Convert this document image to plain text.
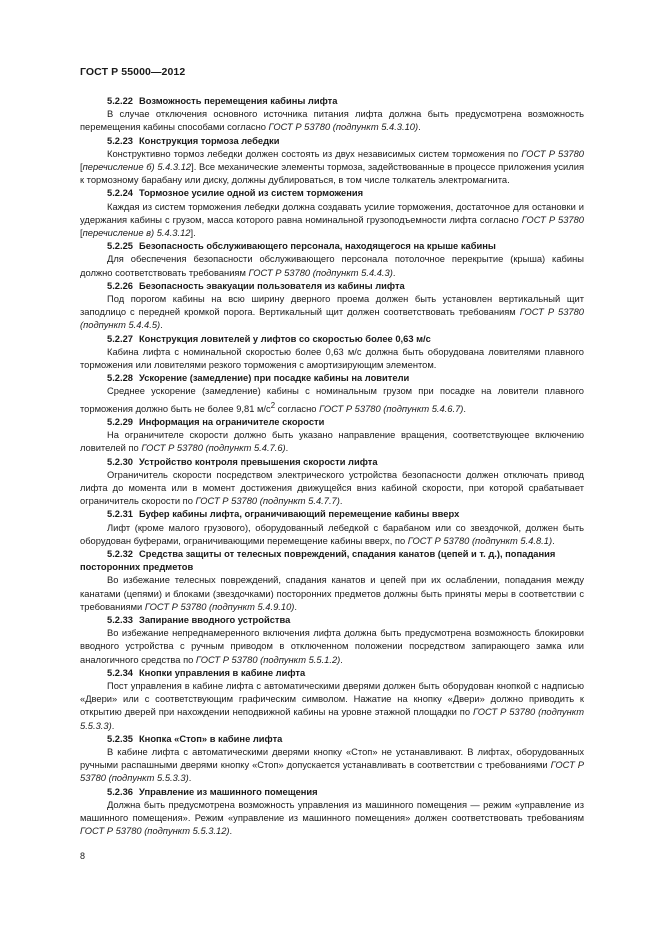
ГОСТ Р 55000—2012

5.2.22 Возможность перемещения кабины лифта

В случае отключения основного источника питания лифта должна быть предусмотрена возможность перемещения кабины способами согласно ГОСТ Р 53780 (подпункт 5.4.3.10).

5.2.23 Конструкция тормоза лебедки

Конструктивно тормоз лебедки должен состоять из двух независимых систем торможения по ГОСТ Р 53780 [перечисление б) 5.4.3.12]. Все механические элементы тормоза, задействованные в процессе приложения усилия к тормозному барабану или диску, должны дублироваться, в том числе толкатель электромагнита.

5.2.24 Тормозное усилие одной из систем торможения

Каждая из систем торможения лебедки должна создавать усилие торможения, достаточное для остановки и удержания кабины с грузом, масса которого равна номинальной грузоподъемности лифта согласно ГОСТ Р 53780 [перечисление в) 5.4.3.12].

5.2.25 Безопасность обслуживающего персонала, находящегося на крыше кабины

Для обеспечения безопасности обслуживающего персонала потолочное перекрытие (крыша) кабины должно соответствовать требованиям ГОСТ Р 53780 (подпункт 5.4.4.3).

5.2.26 Безопасность эвакуации пользователя из кабины лифта

Под порогом кабины на всю ширину дверного проема должен быть установлен вертикальный щит заподлицо с передней кромкой порога. Вертикальный щит должен соответствовать требованиям ГОСТ Р 53780 (подпункт 5.4.4.5).

5.2.27 Конструкция ловителей у лифтов со скоростью более 0,63 м/с

Кабина лифта с номинальной скоростью более 0,63 м/с должна быть оборудована ловителями плавного торможения или ловителями резкого торможения с амортизирующим элементом.

5.2.28 Ускорение (замедление) при посадке кабины на ловители

Среднее ускорение (замедление) кабины с номинальным грузом при посадке на ловители плавного торможения должно быть не более 9,81 $м/с^2$ согласно ГОСТ Р 53780 (подпункт 5.4.6.7).

5.2.29 Информация на ограничителе скорости

На ограничителе скорости должно быть указано направление вращения, соответствующее включению ловителей по ГОСТ Р 53780 (подпункт 5.4.7.6).

5.2.30 Устройство контроля превышения скорости лифта

Ограничитель скорости посредством электрического устройства безопасности должен отключать привод лифта до момента или в момент достижения движущейся вниз кабиной скорости, при которой срабатывает ограничитель скорости по ГОСТ Р 53780 (подпункт 5.4.7.7).

5.2.31 Буфер кабины лифта, ограничивающий перемещение кабины вверх

Лифт (кроме малого грузового), оборудованный лебедкой с барабаном или со звездочкой, должен быть оборудован буферами, ограничивающими перемещение кабины вверх, по ГОСТ Р 53780 (подпункт 5.4.8.1).

5.2.32 Средства защиты от телесных повреждений, спадания канатов (цепей и т. д.), попадания посторонних предметов

Во избежание телесных повреждений, спадания канатов и цепей при их ослаблении, попадания между канатами (цепями) и блоками (звездочками) посторонних предметов должны быть приняты меры в соответствии с требованиями ГОСТ Р 53780 (подпункт 5.4.9.10).

5.2.33 Запирание вводного устройства

Во избежание непреднамеренного включения лифта должна быть предусмотрена возможность блокировки вводного устройства с ручным приводом в отключенном положении посредством запирающего замка или аналогичного средства по ГОСТ Р 53780 (подпункт 5.5.1.2).

5.2.34 Кнопки управления в кабине лифта

Пост управления в кабине лифта с автоматическими дверями должен быть оборудован кнопкой с надписью «Двери» или с соответствующим графическим символом. Нажатие на кнопку «Двери» должно приводить к открытию дверей при нахождении неподвижной кабины на уровне этажной площадки по ГОСТ Р 53780 (подпункт 5.5.3.3).

5.2.35 Кнопка «Стоп» в кабине лифта

В кабине лифта с автоматическими дверями кнопку «Стоп» не устанавливают. В лифтах, оборудованных ручными распашными дверями кнопку «Стоп» допускается устанавливать в соответствии с требованиями ГОСТ Р 53780 (подпункт 5.5.3.3).

5.2.36 Управление из машинного помещения

Должна быть предусмотрена возможность управления из машинного помещения — режим «управление из машинного помещения». Режим «управление из машинного помещения» должен соответствовать требованиям ГОСТ Р 53780 (подпункт 5.5.3.12).

8
